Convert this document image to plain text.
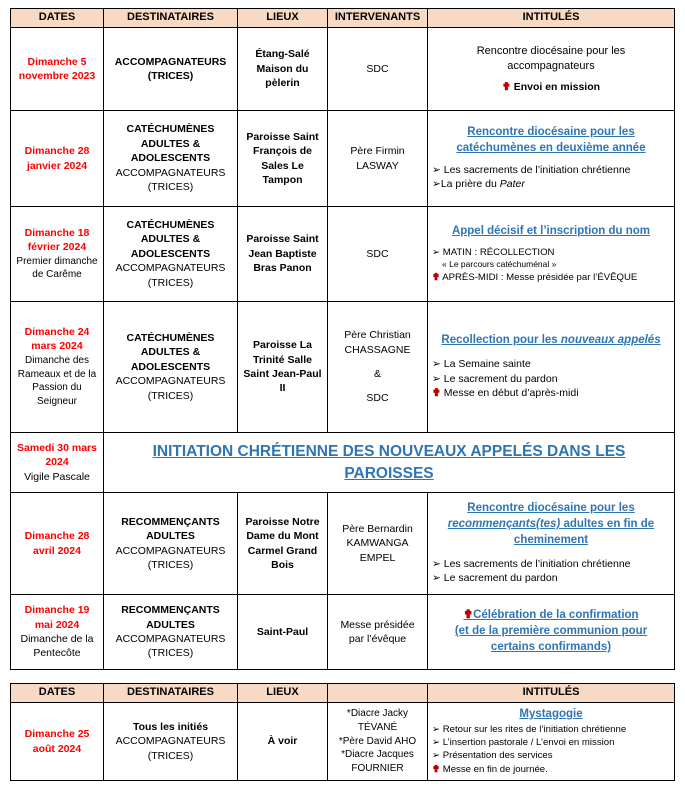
DATES	DESTINATAIRES	LIEUX	INTERVENANTS	INTITULÉS
Dimanche 5 novembre 2023	ACCOMPAGNATEURS
(TRICES)	Étang-Salé Maison du pèlerin	SDC	Rencontre diocésaine pour les accompagnateurs
✟ Envoi en mission

Dimanche 28 janvier 2024	CATÉCHUMÈNES ADULTES & ADOLESCENTS
ACCOMPAGNATEURS (TRICES)	Paroisse Saint François de Sales Le Tampon	Père Firmin LASWAY	Rencontre diocésaine pour les catéchumènes en deuxième année
➢ Les sacrements de l’initiation chrétienne
➢La prière du Pater

Dimanche 18 février 2024
Premier dimanche de Carême	CATÉCHUMÈNES ADULTES & ADOLESCENTS
ACCOMPAGNATEURS (TRICES)	Paroisse Saint Jean Baptiste Bras Panon	SDC	Appel décisif et l’inscription du nom
➢ MATIN : RÉCOLLECTION
« Le parcours catéchuménal »
✟ APRÈS-MIDI : Messe présidée par l’ÉVÊQUE

Dimanche 24 mars 2024
Dimanche des Rameaux et de la Passion du Seigneur	CATÉCHUMÈNES ADULTES & ADOLESCENTS
ACCOMPAGNATEURS (TRICES)	Paroisse La Trinité Salle Saint Jean-Paul II	Père Christian CHASSAGNE
&
SDC	Recollection pour les nouveaux appelés
➢ La Semaine sainte
➢ Le sacrement du pardon
✟ Messe en début d’après-midi

Samedi 30 mars 2024
Vigile Pascale	INITIATION CHRÉTIENNE DES NOUVEAUX APPELÉS DANS LES PAROISSES			
Dimanche 28 avril 2024	RECOMMENÇANTS ADULTES
ACCOMPAGNATEURS (TRICES)	Paroisse Notre Dame du Mont Carmel Grand Bois	Père Bernardin KAMWANGA EMPEL	Rencontre diocésaine pour les recommençants(tes) adultes en fin de cheminement
➢ Les sacrements de l’initiation chrétienne
➢ Le sacrement du pardon

Dimanche 19 mai 2024
Dimanche de la Pentecôte	RECOMMENÇANTS ADULTES
ACCOMPAGNATEURS (TRICES)	Saint-Paul	Messe présidée par l’évêque	✟Célébration de la confirmation
(et de la première communion pour certains confirmands)
DATES	DESTINATAIRES	LIEUX		INTITULÉS
Dimanche 25 août 2024	Tous les initiés
ACCOMPAGNATEURS (TRICES)	À voir	*Diacre Jacky TÉVANÉ
*Père David AHO
*Diacre Jacques FOURNIER	Mystagogie
➢ Retour sur les rites de l’initiation chrétienne
➢ L’insertion pastorale / L’envoi en mission
➢ Présentation des services
✟ Messe en fin de journée.
